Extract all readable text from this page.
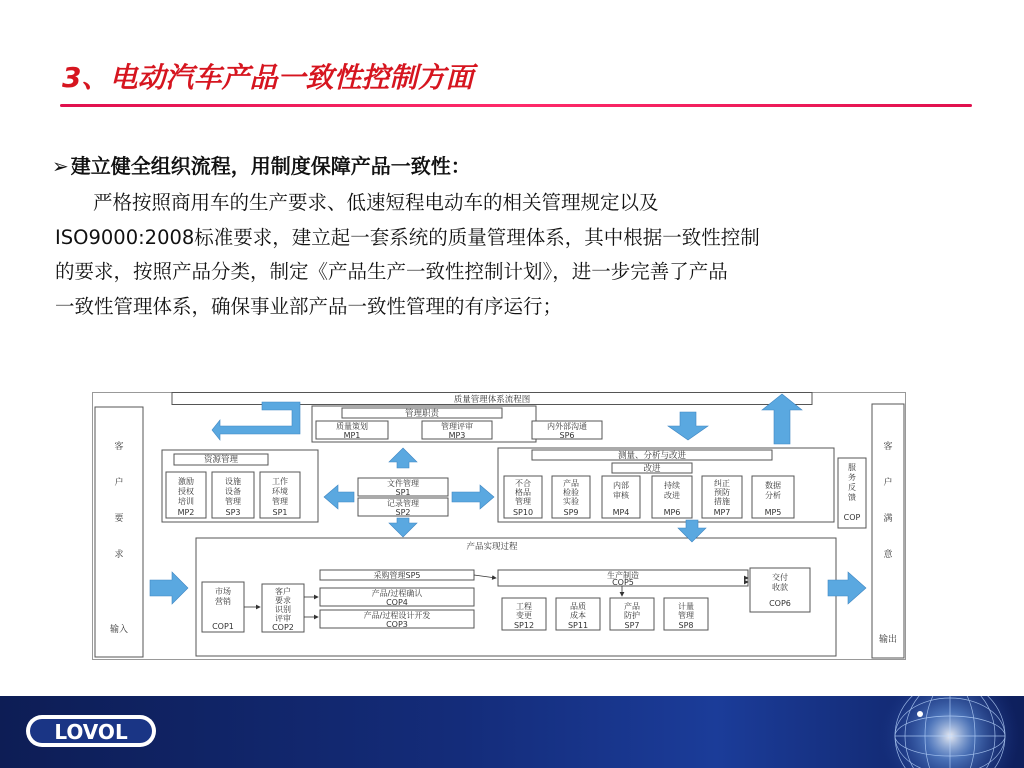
3、电动汽车产品一致性控制方面
➢ 建立健全组织流程，用制度保障产品一致性：

严格按照商用车的生产要求、低速短程电动车的相关管理规定以及

ISO9000:2008标准要求，建立起一套系统的质量管理体系，其中根据一致性控制

的要求，按照产品分类，制定《产品生产一致性控制计划》，进一步完善了产品

一致性管理体系，确保事业部产品一致性管理的有序运行；

质量管理体系流程图
客
户
要
求
输入
客
户
满
意
输出
管理职责
质量策划
MP1
管理评审
MP3
内外部沟通
SP6
资源管理
激励
授权
培训
MP2
设施
设备
管理
SP3
工作
环境
管理
SP1
文件管理
SP1
记录管理
SP2
测量、分析与改进
改进
不合
格品
管理
SP10
产品
检验
实验
SP9
内部
审核
MP4
持续
改进
MP6
纠正
预防
措施
MP7
数据
分析
MP5
服
务
反
馈
COP
产品实现过程
市场
营销
COP1
客户
要求
识别
评审
COP2
采购管理SP5
产品/过程确认
COP4
产品/过程设计开发
COP3
生产制造
COP5
工程
变更
SP12
品质
成本
SP11
产品
防护
SP7
计量
管理
SP8
交付
收款
COP6
LOVOL
